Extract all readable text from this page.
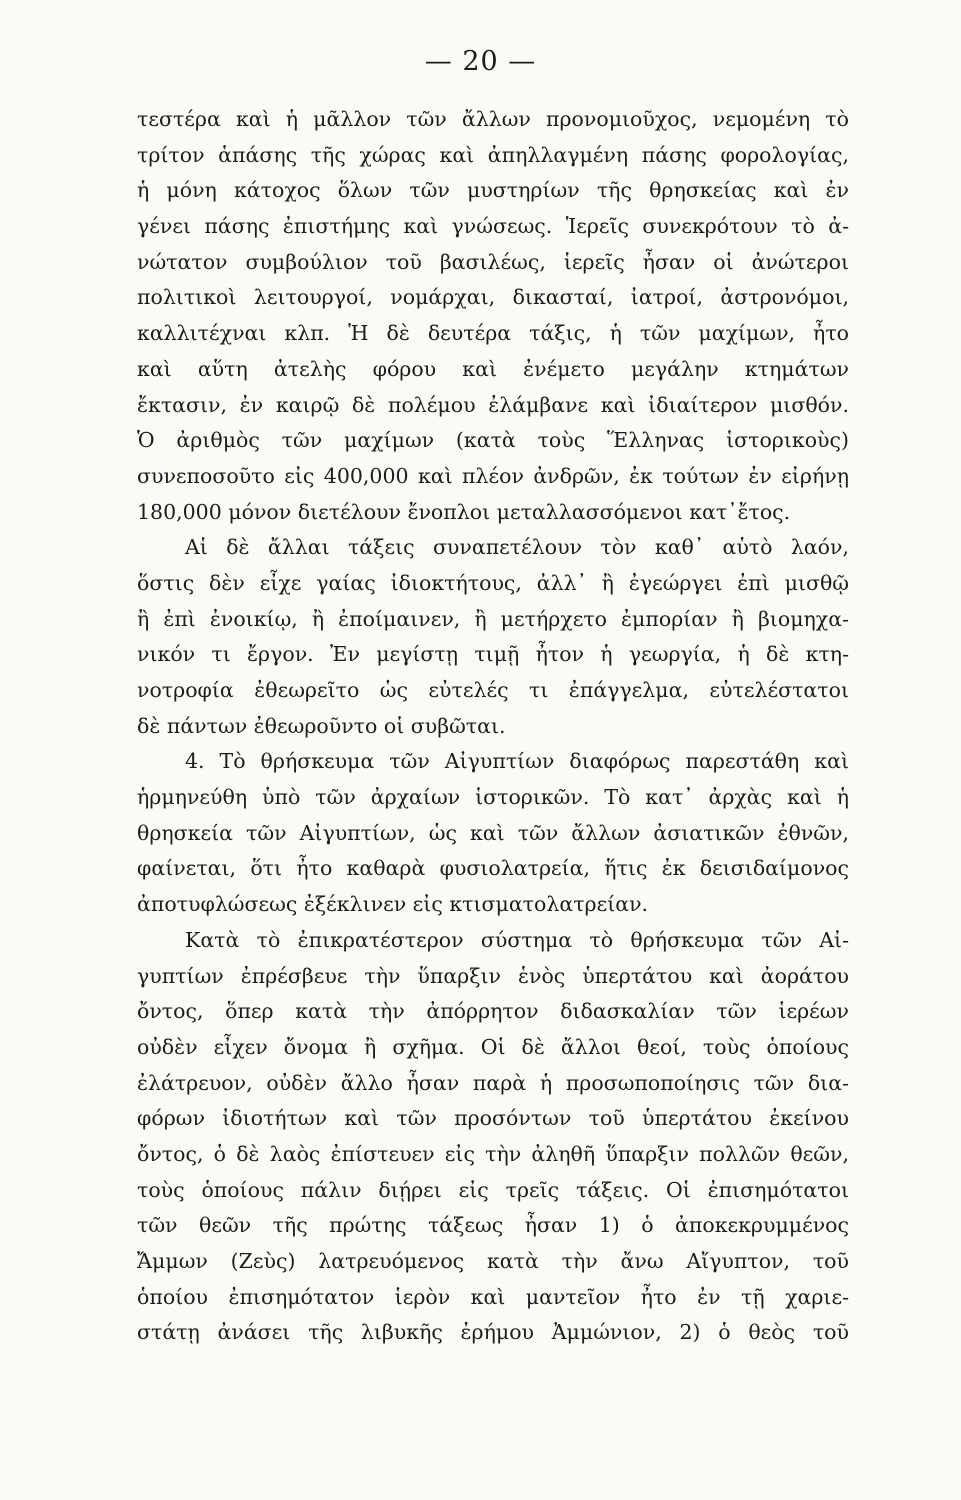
— 20 —
τεστέρα καὶ ἡ μᾶλλον τῶν ἄλλων προνομιοῦχος, νεμομένη τὸ
τρίτον ἁπάσης τῆς χώρας καὶ ἀπηλλαγμένη πάσης φορολογίας,
ἡ μόνη κάτοχος ὅλων τῶν μυστηρίων τῆς θρησκείας καὶ ἐν
γένει πάσης ἐπιστήμης καὶ γνώσεως. Ἱερεῖς συνεκρότουν τὸ ἀ-
νώτατον συμβούλιον τοῦ βασιλέως, ἱερεῖς ἦσαν οἱ ἀνώτεροι
πολιτικοὶ λειτουργοί, νομάρχαι, δικασταί, ἰατροί, ἀστρονόμοι,
καλλιτέχναι κλπ. Ἡ δὲ δευτέρα τάξις, ἡ τῶν μαχίμων, ἦτο
καὶ αὕτη ἀτελὴς φόρου καὶ ἐνέμετο μεγάλην κτημάτων
ἔκτασιν, ἐν καιρῷ δὲ πολέμου ἐλάμβανε καὶ ἰδιαίτερον μισθόν.
Ὁ ἀριθμὸς τῶν μαχίμων (κατὰ τοὺς Ἕλληνας ἱστορικοὺς)
συνεποσοῦτο εἰς 400,000 καὶ πλέον ἀνδρῶν, ἐκ τούτων ἐν εἰρήνῃ
180,000 μόνον διετέλουν ἔνοπλοι μεταλλασσόμενοι κατ᾽ἔτος.
Αἱ δὲ ἄλλαι τάξεις συναπετέλουν τὸν καθ᾽ αὑτὸ λαόν,
ὅστις δὲν εἶχε γαίας ἰδιοκτήτους, ἀλλ᾽ ἢ ἐγεώργει ἐπὶ μισθῷ
ἢ ἐπὶ ἐνοικίῳ, ἢ ἐποίμαινεν, ἢ μετήρχετο ἐμπορίαν ἢ βιομηχα-
νικόν τι ἔργον. Ἐν μεγίστῃ τιμῇ ἦτον ἡ γεωργία, ἡ δὲ κτη-
νοτροφία ἐθεωρεῖτο ὡς εὐτελές τι ἐπάγγελμα, εὐτελέστατοι
δὲ πάντων ἐθεωροῦντο οἱ συβῶται.
4. Τὸ θρήσκευμα τῶν Αἰγυπτίων διαφόρως παρεστάθη καὶ
ἡρμηνεύθη ὑπὸ τῶν ἀρχαίων ἱστορικῶν. Τὸ κατ᾽ ἀρχὰς καὶ ἡ
θρησκεία τῶν Αἰγυπτίων, ὡς καὶ τῶν ἄλλων ἀσιατικῶν ἐθνῶν,
φαίνεται, ὅτι ἦτο καθαρὰ φυσιολατρεία, ἥτις ἐκ δεισιδαίμονος
ἀποτυφλώσεως ἐξέκλινεν εἰς κτισματολατρείαν.
Κατὰ τὸ ἐπικρατέστερον σύστημα τὸ θρήσκευμα τῶν Αἰ-
γυπτίων ἐπρέσβευε τὴν ὕπαρξιν ἑνὸς ὑπερτάτου καὶ ἀοράτου
ὄντος, ὅπερ κατὰ τὴν ἀπόρρητον διδασκαλίαν τῶν ἱερέων
οὐδὲν εἶχεν ὄνομα ἢ σχῆμα. Οἱ δὲ ἄλλοι θεοί, τοὺς ὁποίους
ἐλάτρευον, οὐδὲν ἄλλο ἦσαν παρὰ ἡ προσωποποίησις τῶν δια-
φόρων ἰδιοτήτων καὶ τῶν προσόντων τοῦ ὑπερτάτου ἐκείνου
ὄντος, ὁ δὲ λαὸς ἐπίστευεν εἰς τὴν ἀληθῆ ὕπαρξιν πολλῶν θεῶν,
τοὺς ὁποίους πάλιν διῄρει εἰς τρεῖς τάξεις. Οἱ ἐπισημότατοι
τῶν θεῶν τῆς πρώτης τάξεως ἦσαν 1) ὁ ἀποκεκρυμμένος
Ἄμμων (Ζεὺς) λατρευόμενος κατὰ τὴν ἄνω Αἴγυπτον, τοῦ
ὁποίου ἐπισημότατον ἱερὸν καὶ μαντεῖον ἦτο ἐν τῇ χαριε-
στάτῃ ἀνάσει τῆς λιβυκῆς ἐρήμου Ἀμμώνιον, 2) ὁ θεὸς τοῦ
